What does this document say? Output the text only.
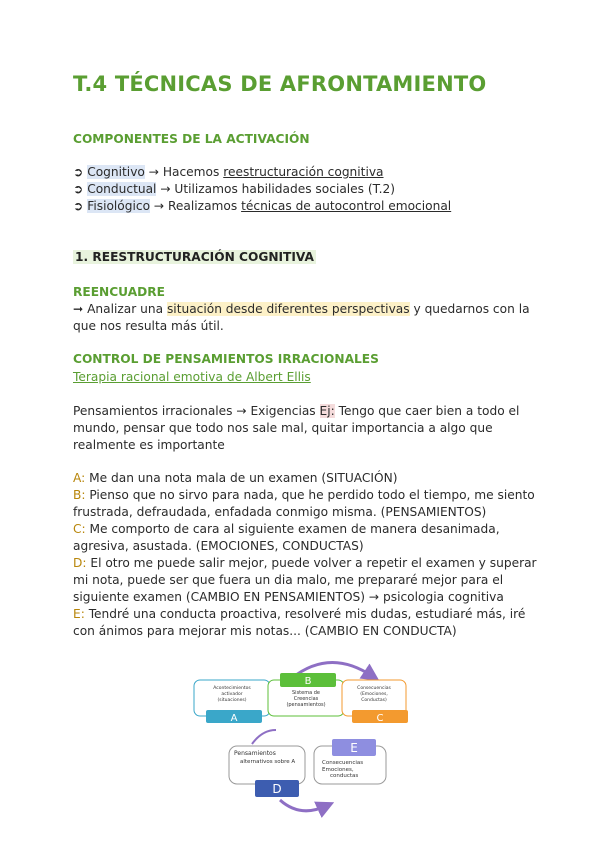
T.4 TÉCNICAS DE AFRONTAMIENTO
COMPONENTES DE LA ACTIVACIÓN
➲ Cognitivo → Hacemos reestructuración cognitiva
➲ Conductual → Utilizamos habilidades sociales (T.2)
➲ Fisiológico → Realizamos técnicas de autocontrol emocional
1. REESTRUCTURACIÓN COGNITIVA
REENCUADRE
➞ Analizar una situación desde diferentes perspectivas y quedarnos con la
que nos resulta más útil.
CONTROL DE PENSAMIENTOS IRRACIONALES
Terapia racional emotiva de Albert Ellis
Pensamientos irracionales → Exigencias Ej: Tengo que caer bien a todo el
mundo, pensar que todo nos sale mal, quitar importancia a algo que
realmente es importante
A: Me dan una nota mala de un examen (SITUACIÓN)
B: Pienso que no sirvo para nada, que he perdido todo el tiempo, me siento
frustrada, defraudada, enfadada conmigo misma. (PENSAMIENTOS)
C: Me comporto de cara al siguiente examen de manera desanimada,
agresiva, asustada. (EMOCIONES, CONDUCTAS)
D: El otro me puede salir mejor, puede volver a repetir el examen y superar
mi nota, puede ser que fuera un dia malo, me prepararé mejor para el
siguiente examen (CAMBIO EN PENSAMIENTOS) → psicologia cognitiva
E: Tendré una conducta proactiva, resolveré mis dudas, estudiaré más, iré
con ánimos para mejorar mis notas... (CAMBIO EN CONDUCTA)
Acontecimientos
activador
(situaciones)
A
B
Sistema de
Creencias
(pensamientos)
Consecuencias
(Emociones,
Conductas)
C
Pensamientos
alternativos sobre A
D
E
Consecuencias
Emociones,
conductas
